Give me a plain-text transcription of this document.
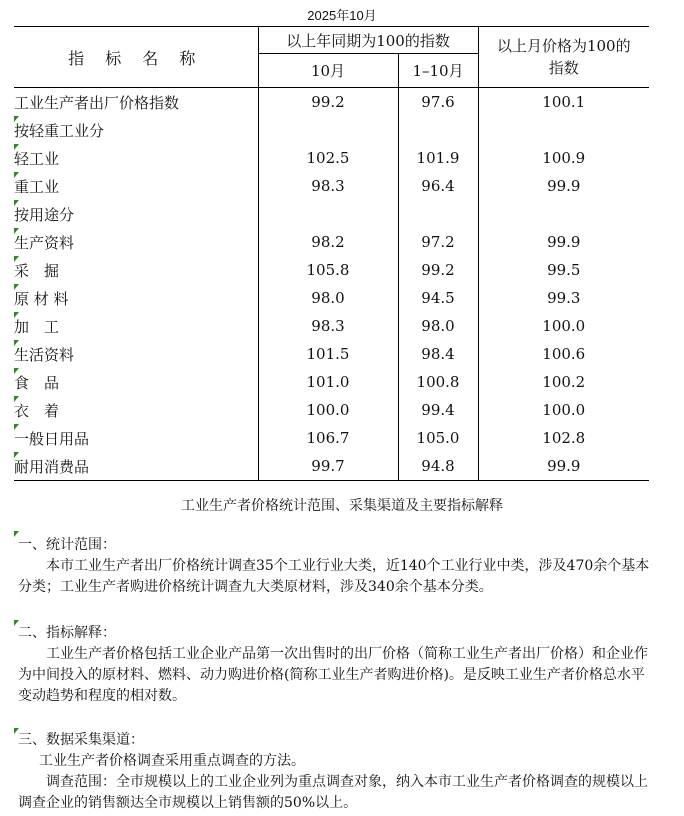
2025年10月
指 标 名 称	以上年同期为100的指数		以上月价格为100的
指数

	10月	1–10月	
工业生产者出厂价格指数	99.2	97.6	100.1

按轻重工业分			

轻工业	102.5	101.9	100.9

重工业	98.3	96.4	99.9

按用途分			

生产资料	98.2	97.2	99.9

采　掘	105.8	99.2	99.5

原 材 料	98.0	94.5	99.3

加　工	98.3	98.0	100.0

生活资料	101.5	98.4	100.6

食　品	101.0	100.8	100.2

衣　着	100.0	99.4	100.0

一般日用品	106.7	105.0	102.8

耐用消费品	99.7	94.8	99.9
工业生产者价格统计范围、采集渠道及主要指标解释

一、统计范围：

本市工业生产者出厂价格统计调查35个工业行业大类，近140个工业行业中类，涉及470余个基本分类；工业生产者购进价格统计调查九大类原材料，涉及340余个基本分类。

二、指标解释：

工业生产者价格包括工业企业产品第一次出售时的出厂价格（简称工业生产者出厂价格）和企业作为中间投入的原材料、燃料、动力购进价格(简称工业生产者购进价格)。是反映工业生产者价格总水平变动趋势和程度的相对数。

三、数据采集渠道：

工业生产者价格调查采用重点调查的方法。

调查范围：全市规模以上的工业企业列为重点调查对象，纳入本市工业生产者价格调查的规模以上调查企业的销售额达全市规模以上销售额的50%以上。
